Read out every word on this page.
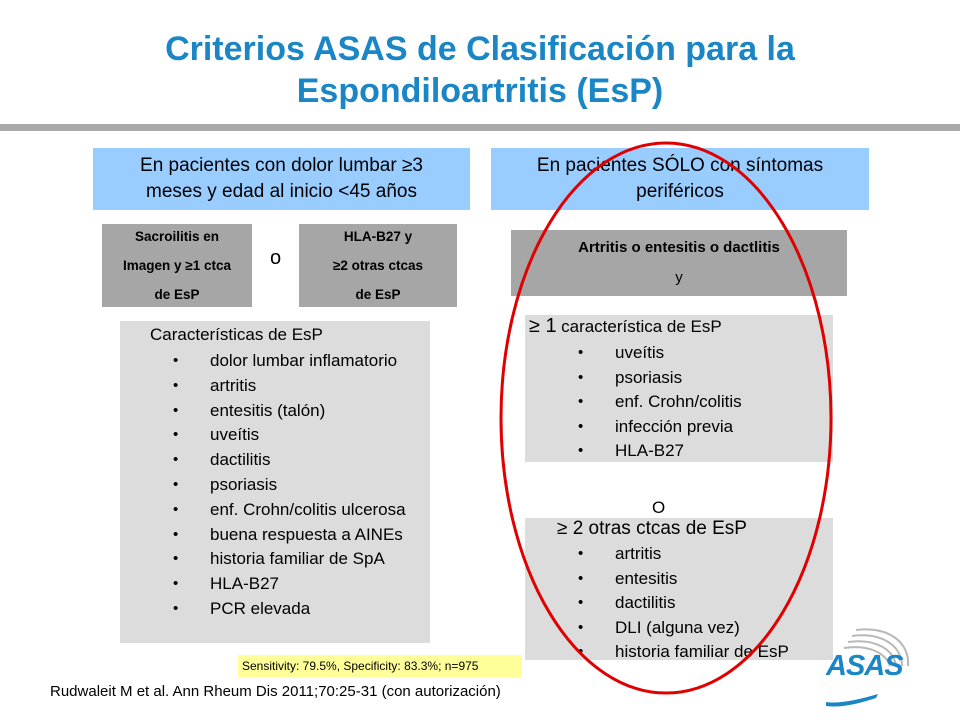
Criterios ASAS de Clasificación para la
Espondiloartritis (EsP)
En pacientes con dolor lumbar ≥3
meses y edad al inicio <45 años
Sacroilitis en
Imagen y ≥1 ctca
de EsP
o
HLA-B27 y
≥2 otras ctcas
de EsP
Características de EsP
• dolor lumbar inflamatorio
• artritis
• entesitis (talón)
• uveítis
• dactilitis
• psoriasis
• enf. Crohn/colitis ulcerosa
• buena respuesta a AINEs
• historia familiar de SpA
• HLA-B27
• PCR elevada
Sensitivity: 79.5%, Specificity: 83.3%; n=975
Rudwaleit M et al. Ann Rheum Dis 2011;70:25-31 (con autorización)
En pacientes SÓLO con síntomas
periféricos
Artritis o entesitis o dactlitis
y
≥ 1 característica de EsP
• uveítis
• psoriasis
• enf. Crohn/colitis
• infección previa
• HLA-B27
O
≥ 2 otras ctcas de EsP
• artritis
• entesitis
• dactilitis
• DLI (alguna vez)
• historia familiar de EsP	ASAS
